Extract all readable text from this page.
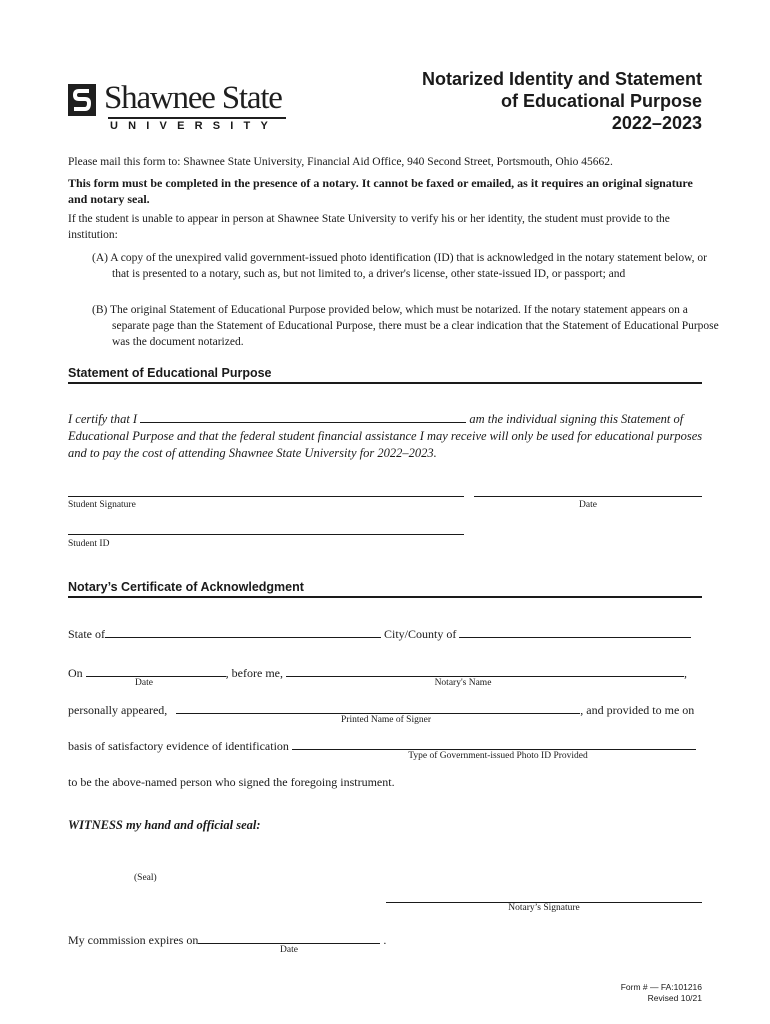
Shawnee State
UNIVERSITY
Notarized Identity and Statement
of Educational Purpose
2022–2023
Please mail this form to: Shawnee State University, Financial Aid Office, 940 Second Street, Portsmouth, Ohio 45662.
This form must be completed in the presence of a notary. It cannot be faxed or emailed, as it requires an original signature and notary seal.
If the student is unable to appear in person at Shawnee State University to verify his or her identity, the student must provide to the institution:
(A) A copy of the unexpired valid government-issued photo identification (ID) that is acknowledged in the notary statement below, or that is presented to a notary, such as, but not limited to, a driver's license, other state-issued ID, or passport; and
(B) The original Statement of Educational Purpose provided below, which must be notarized. If the notary statement appears on a separate page than the Statement of Educational Purpose, there must be a clear indication that the Statement of Educational Purpose was the document notarized.
Statement of Educational Purpose
I certify that I	am the individual signing this Statement of Educational Purpose and that the federal student financial assistance I may receive will only be used for educational purposes and to pay the cost of attending Shawnee State University for 2022–2023.
Student Signature	Date
Student ID
Notary’s Certificate of Acknowledgment
State of	City/County of
On	, before me,	,
Date	Notary's Name
personally appeared,	, and provided to me on
Printed Name of Signer
basis of satisfactory evidence of identification
Type of Government-issued Photo ID Provided
to be the above-named person who signed the foregoing instrument.
WITNESS my hand and official seal:
(Seal)
Notary’s Signature
My commission expires on	.
Date
Form # — FA:101216
Revised 10/21
